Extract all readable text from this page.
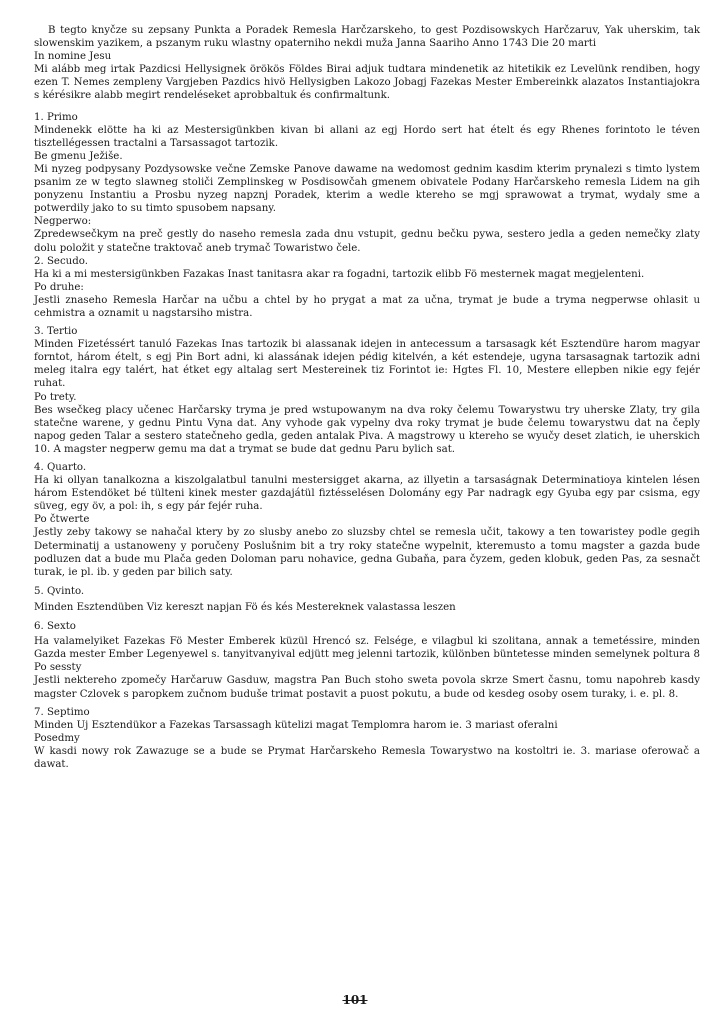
B tegto knyčze su zepsany Punkta a Poradek Remesla Harčzarskeho, to gest Pozdisowskych Harčzaruv, Yak uherskim, tak slowenskim yazikem, a pszanym ruku wlastny opaterniho nekdi muža Janna Saariho Anno 1743 Die 20 marti

In nomine Jesu

Mi alább meg irtak Pazdicsi Hellysignek örökös Földes Birai adjuk tudtara mindenetik az hitetikik ez Levelünk rendiben, hogy ezen T. Nemes zempleny Vargjeben Pazdics hivö Hellysigben Lakozo Jobagj Fazekas Mester Embereinkk alazatos Instantiajokra s kérésikre alabb megirt rendeléseket aprobbaltuk és confirmaltunk.

1. Primo

Mindenekk elötte ha ki az Mestersigünkben kivan bi allani az egj Hordo sert hat ételt és egy Rhenes forintoto le téven tisztellégessen tractalni a Tarsassagot tartozik.

Be gmenu Ježiše.

Mi nyzeg podpysany Pozdysowske večne Zemske Panove dawame na wedomost gednim kasdim kterim prynalezi s timto lystem psanim ze w tegto slawneg stoliči Zemplinskeg w Posdisowčah gmenem obivatele Podany Harčarskeho remesla Lidem na gih ponyzenu Instantiu a Prosbu nyzeg napznj Poradek, kterim a wedle ktereho se mgj sprawowat a trymat, wydaly sme a potwerdily jako to su timto spusobem napsany.

Negperwo:

Zpredewsečkym na preč gestly do naseho remesla zada dnu vstupit, gednu bečku pywa, sestero jedla a geden nemečky zlaty dolu položit y statečne traktovač aneb trymač Towaristwo čele.

2. Secudo.

Ha ki a mi mestersigünkben Fazakas Inast tanitasra akar ra fogadni, tartozik elibb Fö mesternek magat megjelenteni.

Po druhe:

Jestli znaseho Remesla Harčar na učbu a chtel by ho prygat a mat za učna, trymat je bude a tryma negperwse ohlasit u cehmistra a oznamit u nagstarsiho mistra.

3. Tertio

Minden Fizetéssért tanuló Fazekas Inas tartozik bi alassanak idejen in antecessum a tarsasagk két Esztendüre harom magyar forntot, három ételt, s egj Pin Bort adni, ki alassának idejen pédig kitelvén, a két estendeje, ugyna tarsasagnak tartozik adni meleg italra egy talért, hat étket egy altalag sert Mestereinek tiz Forintot ie: Hgtes Fl. 10, Mestere ellepben nikie egy fejér ruhat.

Po trety.

Bes wsečkeg placy učenec Harčarsky tryma je pred wstupowanym na dva roky čelemu Towarystwu try uherske Zlaty, try gila statečne warene, y gednu Pintu Vyna dat. Any vyhode gak vypelny dva roky trymat je bude čelemu towarystwu dat na čeply napog geden Talar a sestero statečneho gedla, geden antalak Piva. A magstrowy u ktereho se wyučy deset zlatich, ie uherskich 10. A magster negperw gemu ma dat a trymat se bude dat gednu Paru bylich sat.

4. Quarto.

Ha ki ollyan tanalkozna a kiszolgalatbul tanulni mestersigget akarna, az illyetin a tarsaságnak Determinatioya kintelen lésen három Estendöket bé tülteni kinek mester gazdajátül fiztésselésen Dolomány egy Par nadragk egy Gyuba egy par csisma, egy süveg, egy öv, a pol: ih, s egy pár fejér ruha.

Po čtwerte

Jestly zeby takowy se nahačal ktery by zo slusby anebo zo sluzsby chtel se remesla učit, takowy a ten towaristey podle gegih Determinatij a ustanoweny y poručeny Poslušnim bit a try roky statečne wypelnit, kteremusto a tomu magster a gazda bude podluzen dat a bude mu Plača geden Doloman paru nohavice, gedna Gubaňa, para čyzem, geden klobuk, geden Pas, za sesnačt turak, ie pl. ib. y geden par bilich saty.

5. Qvinto.

Minden Esztendüben Viz kereszt napjan Fö és kés Mestereknek valastassa leszen

6. Sexto

Ha valamelyiket Fazekas Fö Mester Emberek küzül Hrencó sz. Felsége, e vilagbul ki szolitana, annak a temetéssire, minden Gazda mester Ember Legenyewel s. tanyitvanyival edjütt meg jelenni tartozik, különben büntetesse minden semelynek poltura 8

Po sessty

Jestli nektereho zpomečy Harčaruw Gasduw, magstra Pan Buch stoho sweta povola skrze Smert časnu, tomu napohreb kasdy magster Czlovek s paropkem zučnom buduše trimat postavit a puost pokutu, a bude od kesdeg osoby osem turaky, i. e. pl. 8.

7. Septimo

Minden Uj Esztendükor a Fazekas Tarsassagh kütelizi magat Templomra harom ie. 3 mariast oferalni

Posedmy

W kasdi nowy rok Zawazuge se a bude se Prymat Harčarskeho Remesla Towarystwo na kostoltri ie. 3. mariase oferowač a dawat.

101
